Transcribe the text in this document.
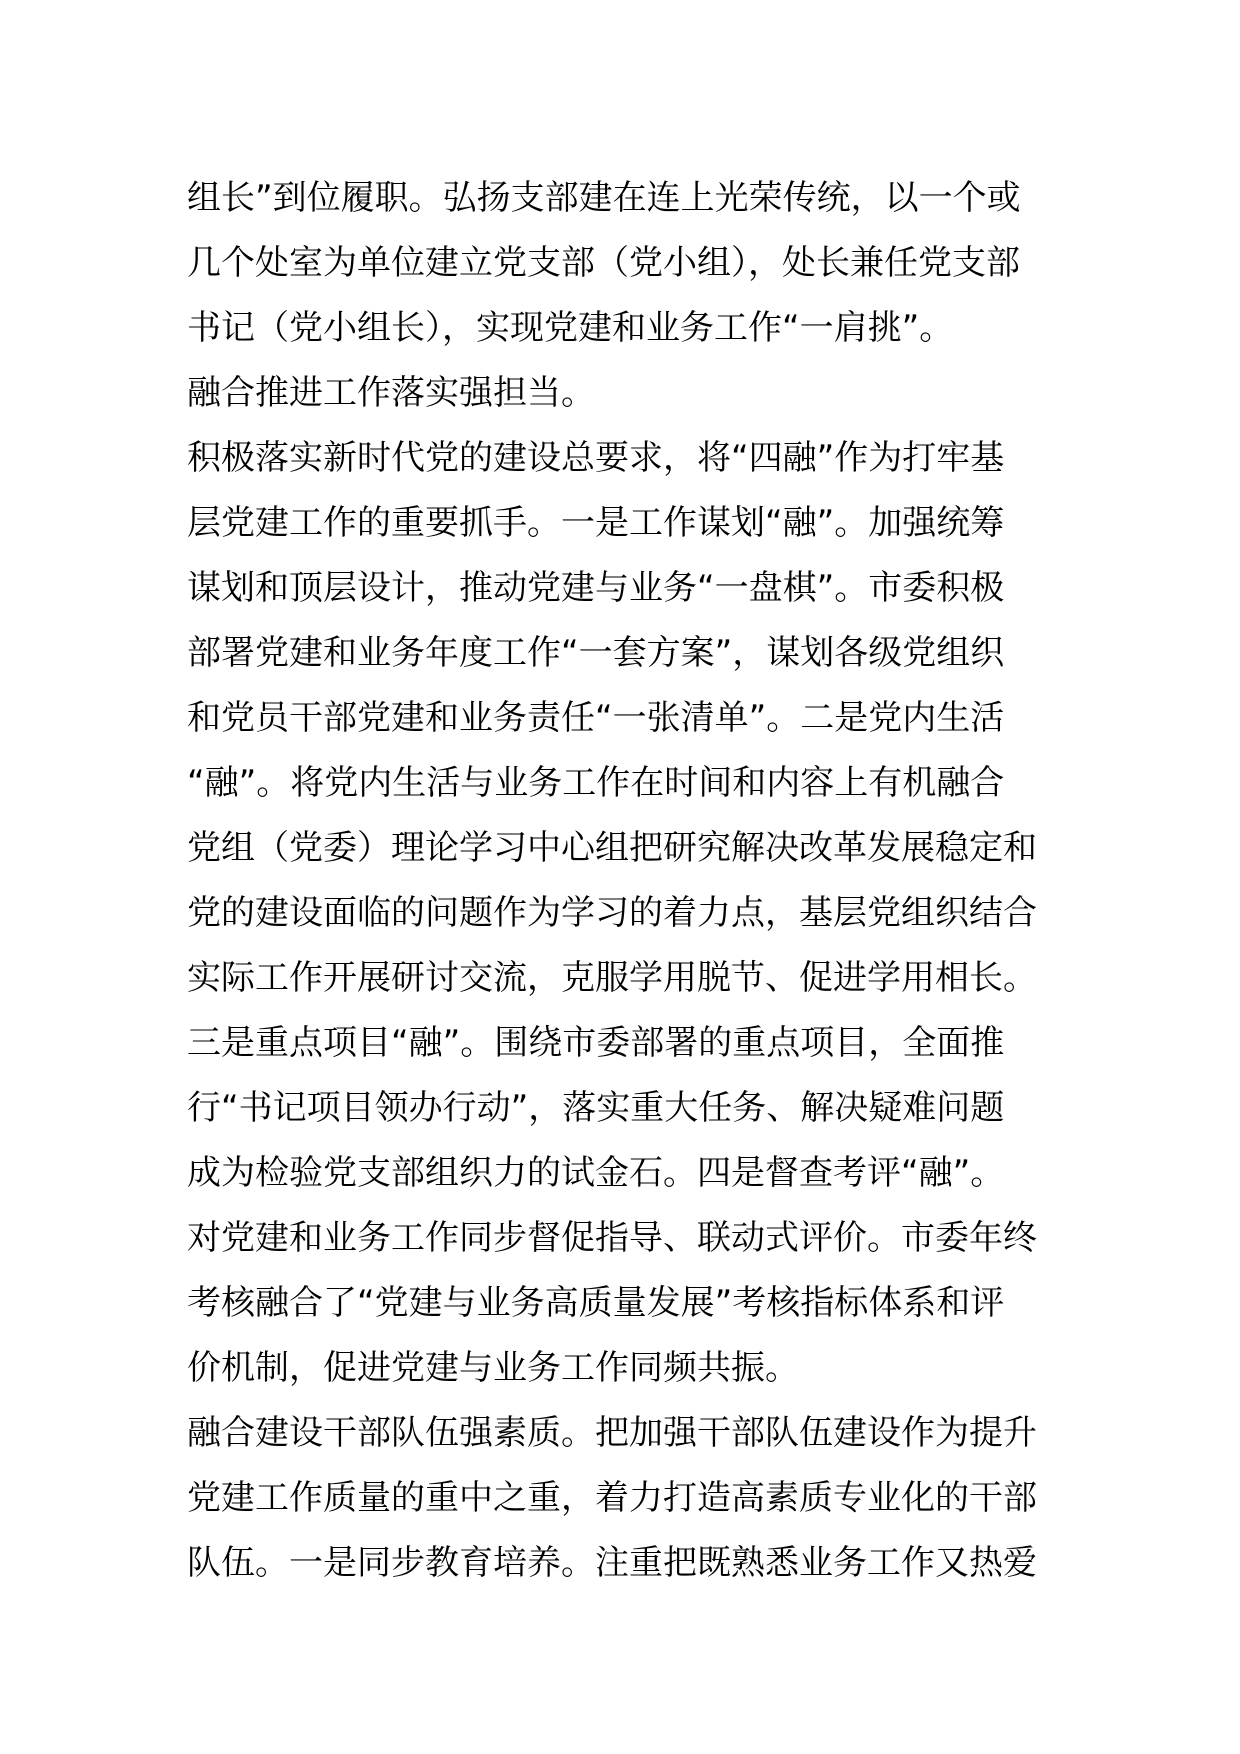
组长”到位履职。弘扬支部建在连上光荣传统，以一个或

几个处室为单位建立党支部（党小组），处长兼任党支部

书记（党小组长），实现党建和业务工作“一肩挑”。

融合推进工作落实强担当。

积极落实新时代党的建设总要求，将“四融”作为打牢基

层党建工作的重要抓手。一是工作谋划“融”。加强统筹

谋划和顶层设计，推动党建与业务“一盘棋”。市委积极

部署党建和业务年度工作“一套方案”，谋划各级党组织

和党员干部党建和业务责任“一张清单”。二是党内生活

“融”。将党内生活与业务工作在时间和内容上有机融合

党组（党委）理论学习中心组把研究解决改革发展稳定和

党的建设面临的问题作为学习的着力点，基层党组织结合

实际工作开展研讨交流，克服学用脱节、促进学用相长。

三是重点项目“融”。围绕市委部署的重点项目，全面推

行“书记项目领办行动”，落实重大任务、解决疑难问题

成为检验党支部组织力的试金石。四是督查考评“融”。

对党建和业务工作同步督促指导、联动式评价。市委年终

考核融合了“党建与业务高质量发展”考核指标体系和评

价机制，促进党建与业务工作同频共振。

融合建设干部队伍强素质。把加强干部队伍建设作为提升

党建工作质量的重中之重，着力打造高素质专业化的干部

队伍。一是同步教育培养。注重把既熟悉业务工作又热爱
